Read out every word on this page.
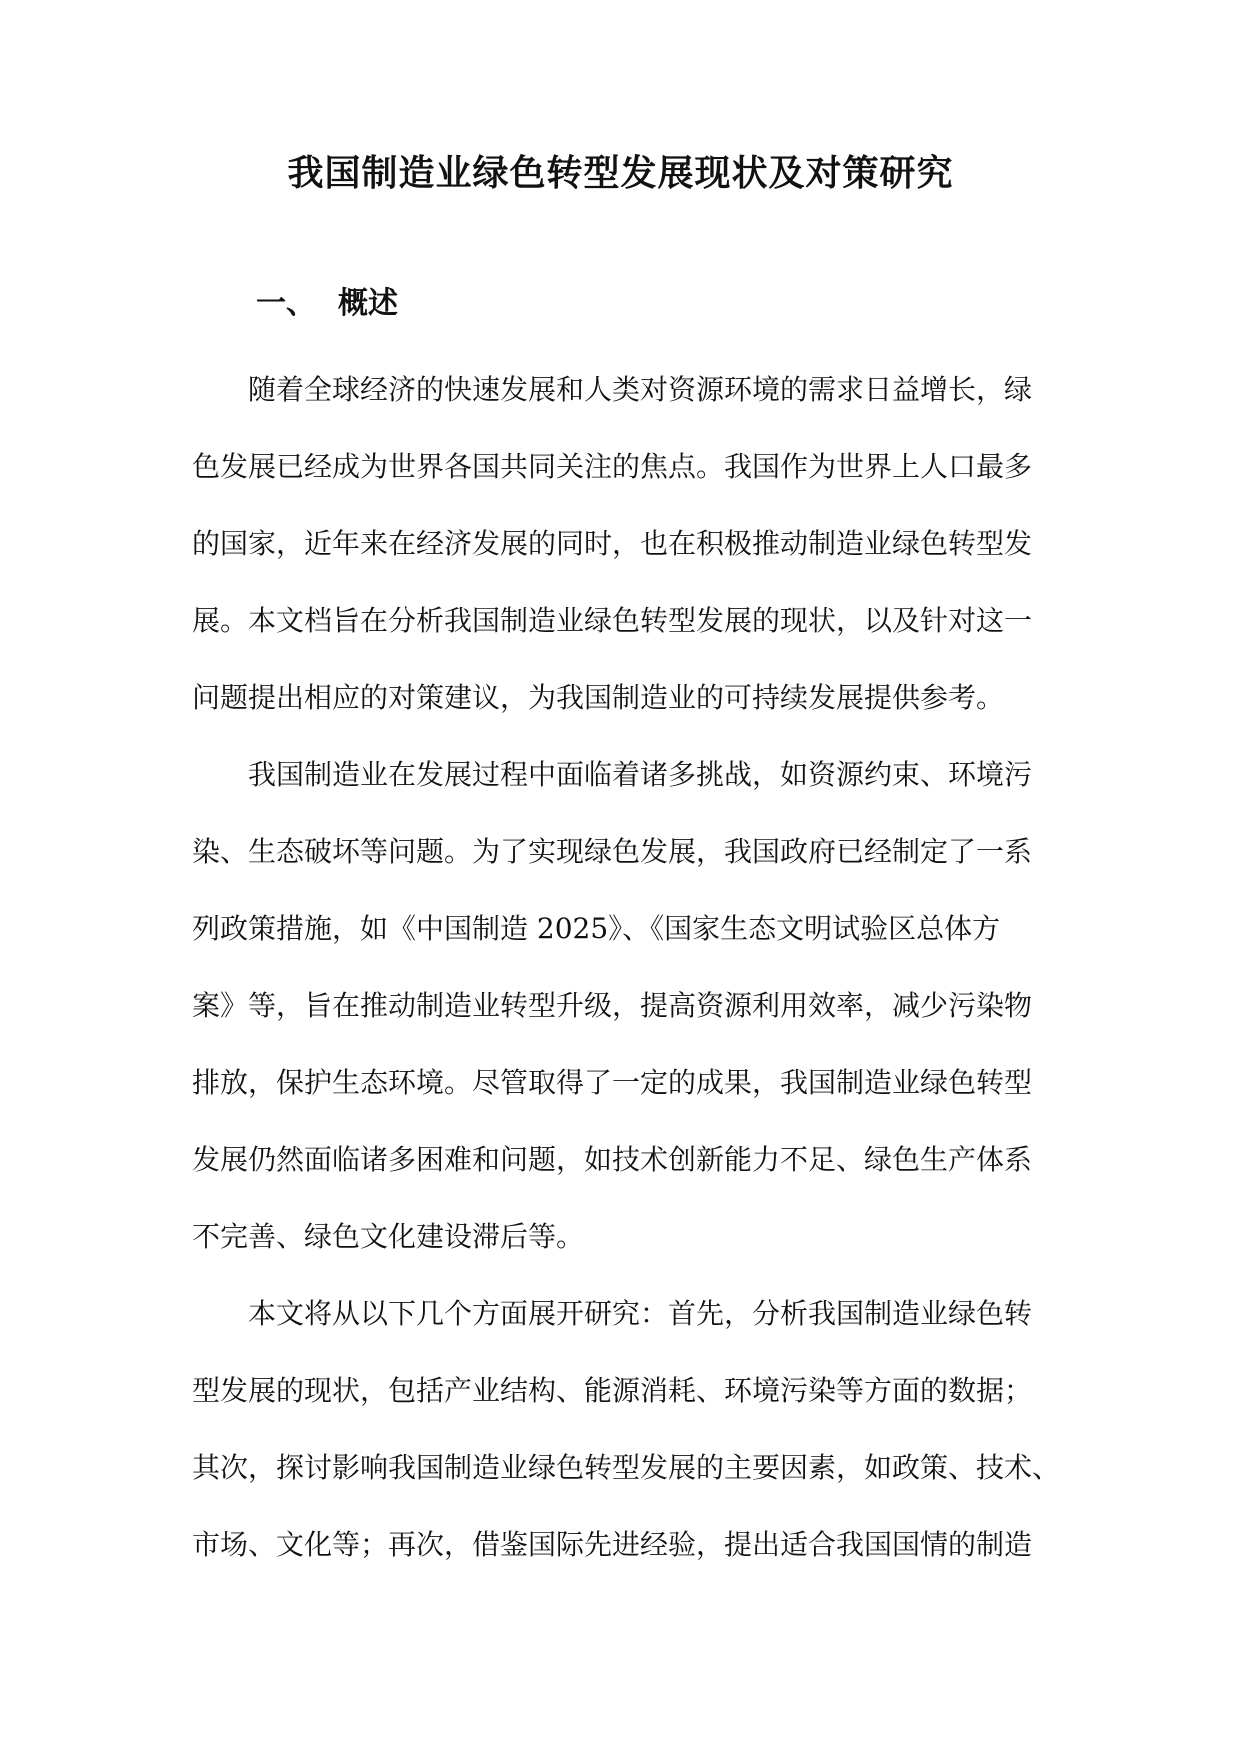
我国制造业绿色转型发展现状及对策研究
一、 概述
随着全球经济的快速发展和人类对资源环境的需求日益增长，绿
色发展已经成为世界各国共同关注的焦点。我国作为世界上人口最多
的国家，近年来在经济发展的同时，也在积极推动制造业绿色转型发
展。本文档旨在分析我国制造业绿色转型发展的现状，以及针对这一
问题提出相应的对策建议，为我国制造业的可持续发展提供参考。
我国制造业在发展过程中面临着诸多挑战，如资源约束、环境污
染、生态破坏等问题。为了实现绿色发展，我国政府已经制定了一系
列政策措施，如《中国制造 2025》、《国家生态文明试验区总体方
案》等，旨在推动制造业转型升级，提高资源利用效率，减少污染物
排放，保护生态环境。尽管取得了一定的成果，我国制造业绿色转型
发展仍然面临诸多困难和问题，如技术创新能力不足、绿色生产体系
不完善、绿色文化建设滞后等。
本文将从以下几个方面展开研究：首先，分析我国制造业绿色转
型发展的现状，包括产业结构、能源消耗、环境污染等方面的数据；
其次，探讨影响我国制造业绿色转型发展的主要因素，如政策、技术、
市场、文化等；再次，借鉴国际先进经验，提出适合我国国情的制造
